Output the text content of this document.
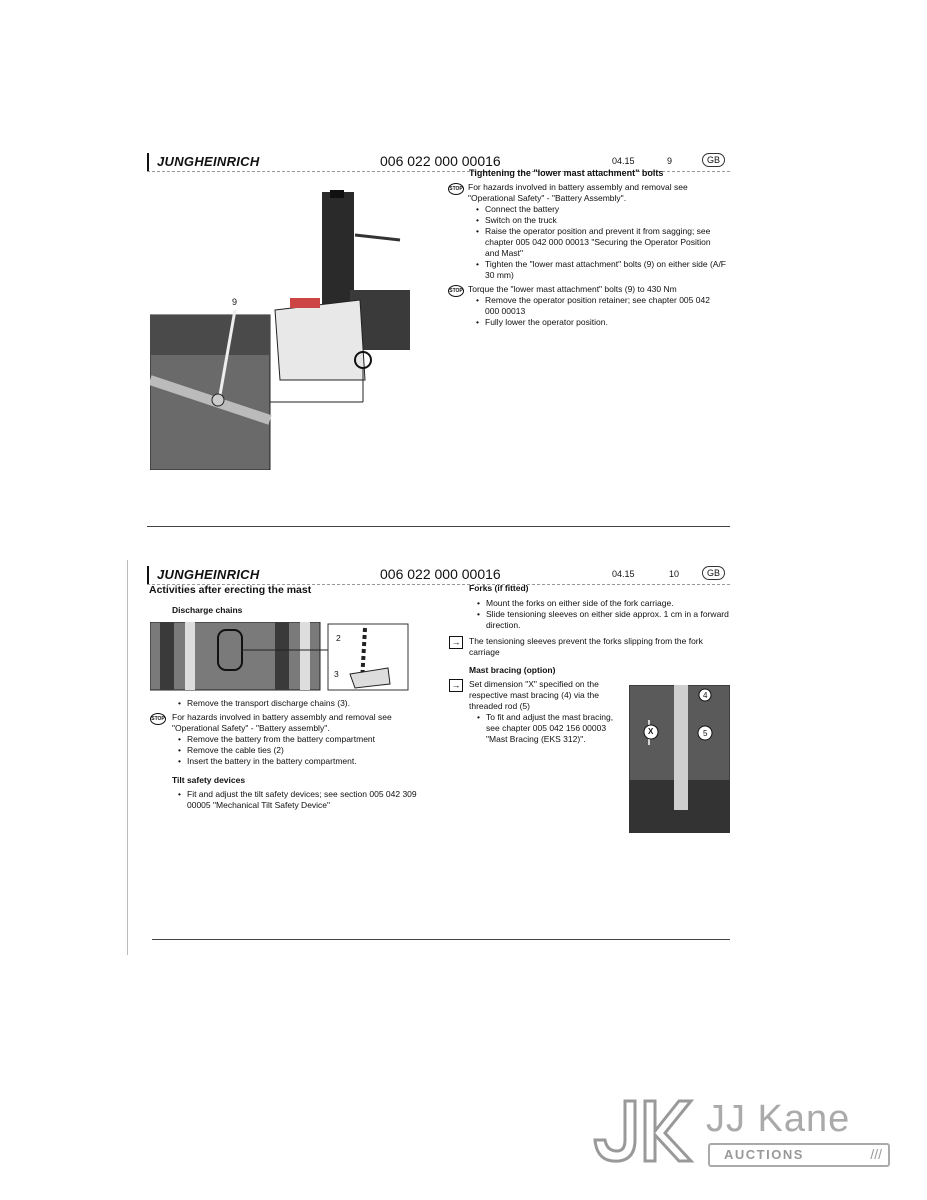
JUNGHEINRICH	006 022 000 00016	04.15	9	GB
9
Tightening the "lower mast attachment" bolts
STOP For hazards involved in battery assembly and removal see "Operational Safety" - "Battery Assembly".
• Connect the battery
• Switch on the truck
• Raise the operator position and prevent it from sagging; see chapter 005 042 000 00013 "Securing the Operator Position and Mast"
• Tighten the "lower mast attachment" bolts (9) on either side (A/F 30 mm)
STOP Torque the "lower mast attachment" bolts (9) to 430 Nm
• Remove the operator position retainer; see chapter 005 042 000 00013
• Fully lower the operator position.
JUNGHEINRICH	006 022 000 00016	04.15	10	GB
Activities after erecting the mast
Discharge chains
2
3
• Remove the transport discharge chains (3).
STOP For hazards involved in battery assembly and removal see "Operational Safety" - "Battery assembly".
• Remove the battery from the battery compartment
• Remove the cable ties (2)
• Insert the battery in the battery compartment.
Tilt safety devices
• Fit and adjust the tilt safety devices; see section 005 042 309 00005 "Mechanical Tilt Safety Device"
Forks (if fitted)
• Mount the forks on either side of the fork carriage.
• Slide tensioning sleeves on either side approx. 1 cm in a forward direction.
→ The tensioning sleeves prevent the forks slipping from the fork carriage
Mast bracing (option)
→ Set dimension "X" specified on the respective mast bracing (4) via the threaded rod (5)
• To fit and adjust the mast bracing, see chapter 005 042 156 00003 "Mast Bracing (EKS 312)".
X	5
4
JJ Kane
AUCTIONS	///
